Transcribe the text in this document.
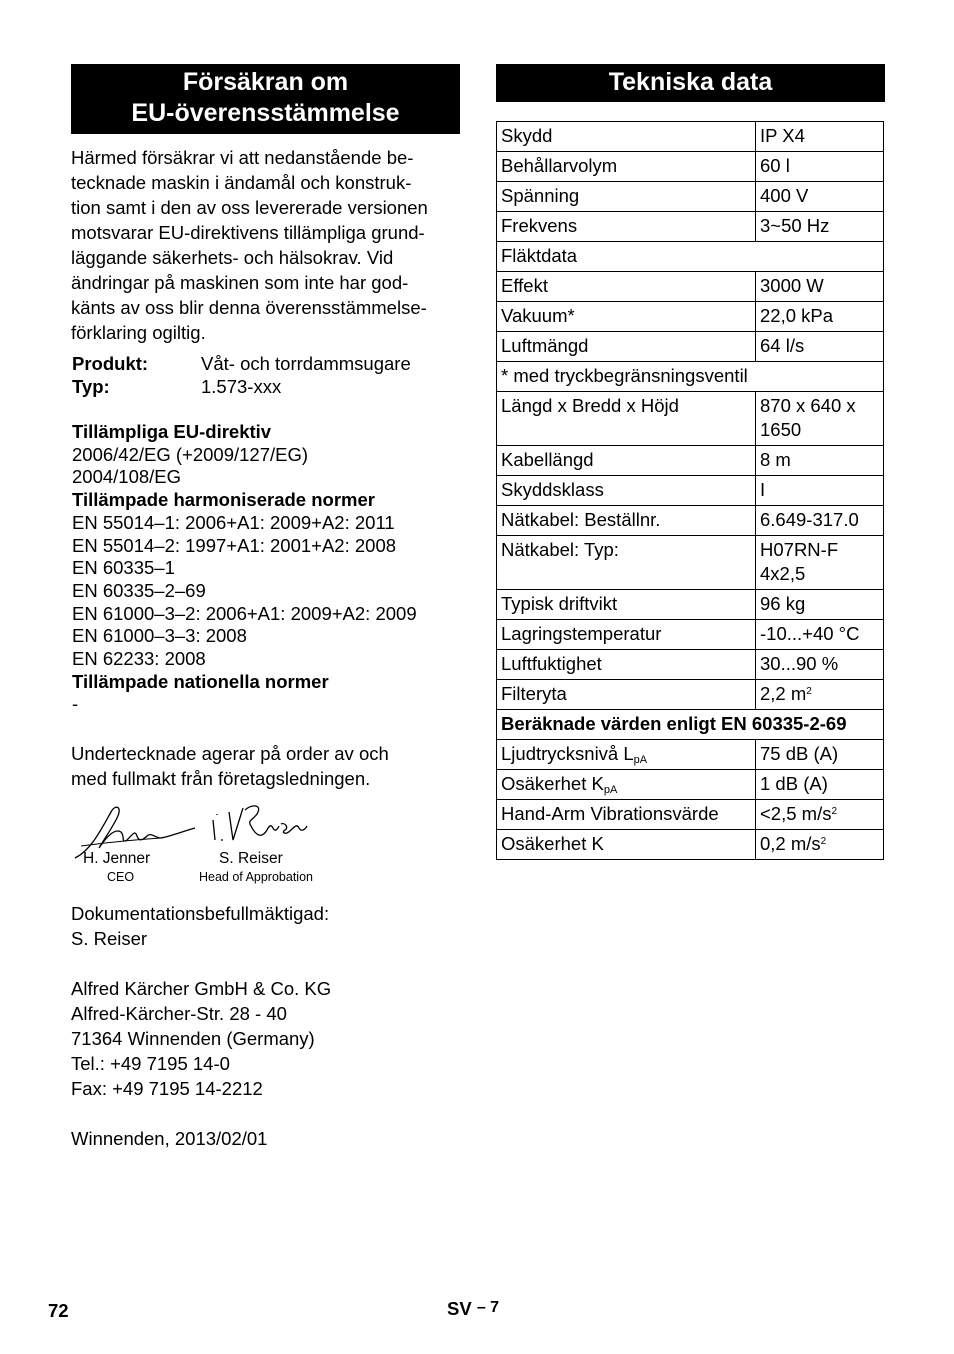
Försäkran om
EU-överensstämmelse
Härmed försäkrar vi att nedanstående be-
tecknade maskin i ändamål och konstruk-
tion samt i den av oss levererade versionen
motsvarar EU-direktivens tillämpliga grund-
läggande säkerhets- och hälsokrav. Vid
ändringar på maskinen som inte har god-
känts av oss blir denna överensstämmelse-
förklaring ogiltig.
Produkt:	Våt- och torrdammsugare
Typ:	1.573-xxx
Tillämpliga EU-direktiv
2006/42/EG (+2009/127/EG)
2004/108/EG
Tillämpade harmoniserade normer
EN 55014–1: 2006+A1: 2009+A2: 2011
EN 55014–2: 1997+A1: 2001+A2: 2008
EN 60335–1
EN 60335–2–69
EN 61000–3–2: 2006+A1: 2009+A2: 2009
EN 61000–3–3: 2008
EN 62233: 2008
Tillämpade nationella normer
-
Undertecknade agerar på order av och
med fullmakt från företagsledningen.
H. Jenner
CEO
S. Reiser
Head of Approbation
Dokumentationsbefullmäktigad:
S. Reiser
Alfred Kärcher GmbH & Co. KG
Alfred-Kärcher-Str. 28 - 40
71364 Winnenden (Germany)
Tel.: +49 7195 14-0
Fax: +49 7195 14-2212
Winnenden, 2013/02/01
Tekniska data
Skydd	IP X4
Behållarvolym	60 l
Spänning	400 V
Frekvens	3~50 Hz
Fläktdata	
Effekt	3000 W
Vakuum*	22,0 kPa
Luftmängd	64 l/s
* med tryckbegränsningsventil	
Längd x Bredd x Höjd	870 x 640 x 1650
Kabellängd	8 m
Skyddsklass	I
Nätkabel: Beställnr.	6.649-317.0
Nätkabel: Typ:	H07RN-F 4x2,5
Typisk driftvikt	96 kg
Lagringstemperatur	-10...+40 °C
Luftfuktighet	30...90 %
Filteryta	2,2 $m^2$
Beräknade värden enligt EN 60335-2-69	
Ljudtrycksnivå $L_{pA}$	75 dB (A)
Osäkerhet $K_{pA}$	1 dB (A)
Hand-Arm Vibrationsvärde	<2,5 $m/s^2$
Osäkerhet K	0,2 $m/s^2$
72	SV – 7
